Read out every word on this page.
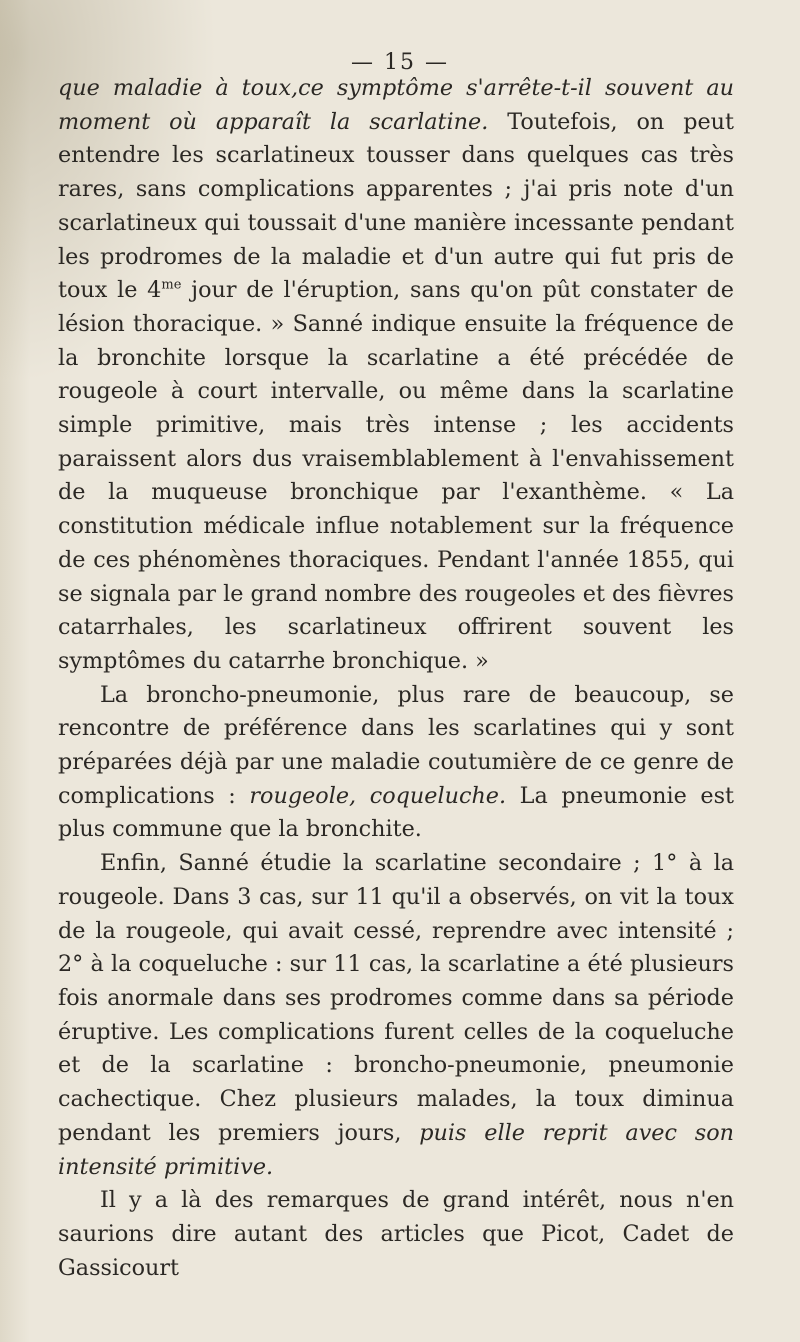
— 15 —

que maladie à toux,ce symptôme s'arrête-t-il souvent au moment où apparaît la scarlatine. Toutefois, on peut entendre les scarlatineux tousser dans quelques cas très rares, sans complications apparentes ; j'ai pris note d'un scarlatineux qui toussait d'une manière incessante pendant les prodromes de la maladie et d'un autre qui fut pris de toux le $4^{me}$ jour de l'éruption, sans qu'on pût constater de lésion thoracique. » Sanné indique ensuite la fréquence de la bronchite lorsque la scarlatine a été précédée de rougeole à court intervalle, ou même dans la scarlatine simple primitive, mais très intense ; les accidents paraissent alors dus vraisemblablement à l'envahissement de la muqueuse bronchique par l'exanthème. « La constitution médicale influe notablement sur la fréquence de ces phénomènes thoraciques. Pendant l'année 1855, qui se signala par le grand nombre des rougeoles et des fièvres catarrhales, les scarlatineux offrirent souvent les symptômes du catarrhe bronchique. »

La broncho-pneumonie, plus rare de beaucoup, se rencontre de préférence dans les scarlatines qui y sont préparées déjà par une maladie coutumière de ce genre de complications : rougeole, coqueluche. La pneumonie est plus commune que la bronchite.

Enfin, Sanné étudie la scarlatine secondaire ; 1° à la rougeole. Dans 3 cas, sur 11 qu'il a observés, on vit la toux de la rougeole, qui avait cessé, reprendre avec intensité ; 2° à la coqueluche : sur 11 cas, la scarlatine a été plusieurs fois anormale dans ses prodromes comme dans sa période éruptive. Les complications furent celles de la coqueluche et de la scarlatine : broncho-pneumonie, pneumonie cachectique. Chez plusieurs malades, la toux diminua pendant les premiers jours, puis elle reprit avec son intensité primitive.

Il y a là des remarques de grand intérêt, nous n'en saurions dire autant des articles que Picot, Cadet de Gassicourt
